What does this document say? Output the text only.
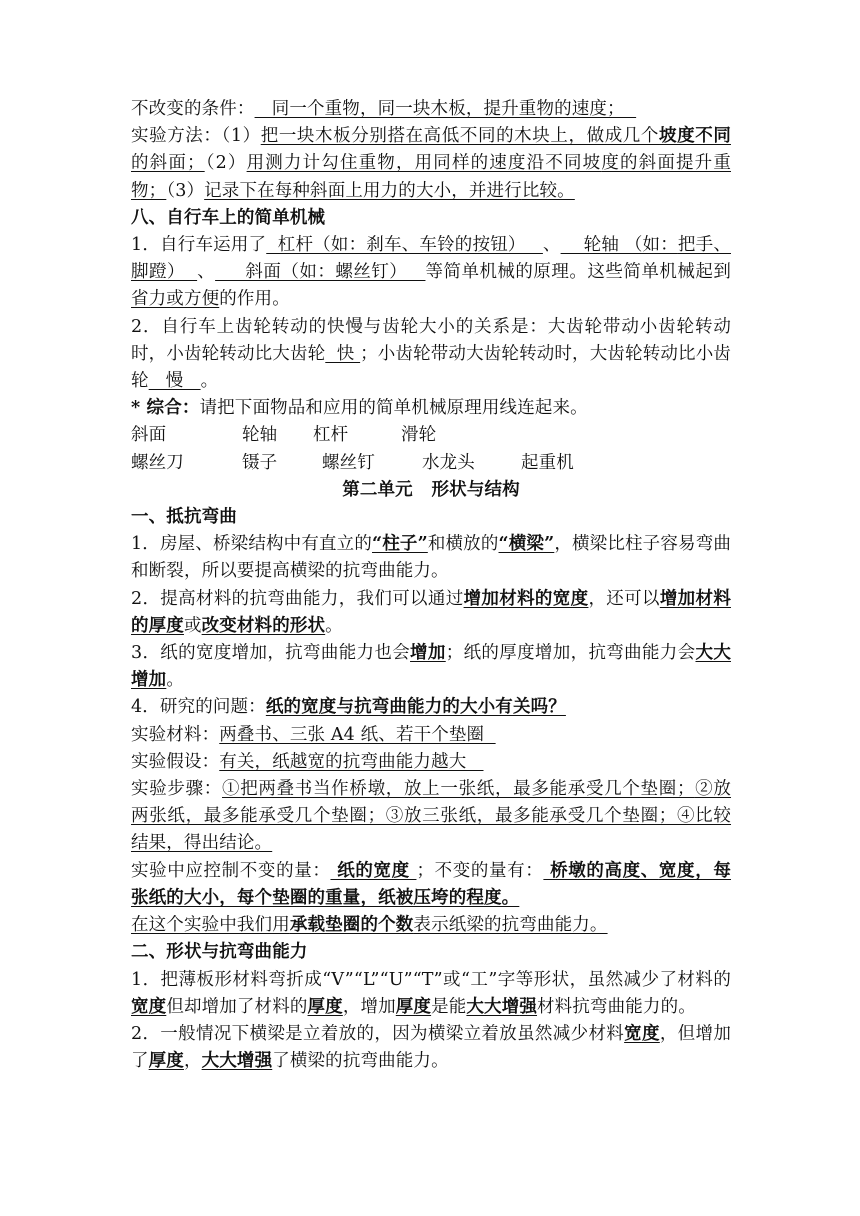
不改变的条件：   同一个重物，同一块木板，提升重物的速度；
实验方法：（1）把一块木板分别搭在高低不同的木块上，做成几个坡度不同的斜面；（2）用测力计勾住重物，用同样的速度沿不同坡度的斜面提升重物；（3）记录下在每种斜面上用力的大小，并进行比较。

八、自行车上的简单机械

1．自行车运用了  杠杆（如：刹车、车铃的按钮）   、    轮轴 （如：把手、脚蹬）  、     斜面（如：螺丝钉）   等简单机械的原理。这些简单机械起到省力或方便的作用。

2．自行车上齿轮转动的快慢与齿轮大小的关系是：大齿轮带动小齿轮转动时，小齿轮转动比大齿轮  快 ；小齿轮带动大齿轮转动时，大齿轮转动比小齿轮   慢   。

* 综合：请把下面物品和应用的简单机械原理用线连起来。

斜面	轮轴	杠杆	滑轮
螺丝刀	镊子	螺丝钉	水龙头	起重机

第二单元   形状与结构

一、抵抗弯曲

1．房屋、桥梁结构中有直立的“柱子”和横放的“横梁”，横梁比柱子容易弯曲和断裂，所以要提高横梁的抗弯曲能力。

2．提高材料的抗弯曲能力，我们可以通过增加材料的宽度，还可以增加材料的厚度或改变材料的形状。

3．纸的宽度增加，抗弯曲能力也会增加；纸的厚度增加，抗弯曲能力会大大增加。

4．研究的问题：纸的宽度与抗弯曲能力的大小有关吗？

实验材料：两叠书、三张 A4 纸、若干个垫圈

实验假设：有关，纸越宽的抗弯曲能力越大

实验步骤：①把两叠书当作桥墩，放上一张纸，最多能承受几个垫圈；②放两张纸，最多能承受几个垫圈；③放三张纸，最多能承受几个垫圈；④比较结果，得出结论。

实验中应控制不变的量： 纸的宽度 ；不变的量有： 桥墩的高度、宽度，每张纸的大小，每个垫圈的重量，纸被压垮的程度。

在这个实验中我们用承载垫圈的个数表示纸梁的抗弯曲能力。

二、形状与抗弯曲能力

1．把薄板形材料弯折成“V”“L”“U”“T”或“工”字等形状，虽然减少了材料的宽度但却增加了材料的厚度，增加厚度是能大大增强材料抗弯曲能力的。

2．一般情况下横梁是立着放的，因为横梁立着放虽然减少材料宽度，但增加了厚度，大大增强了横梁的抗弯曲能力。
